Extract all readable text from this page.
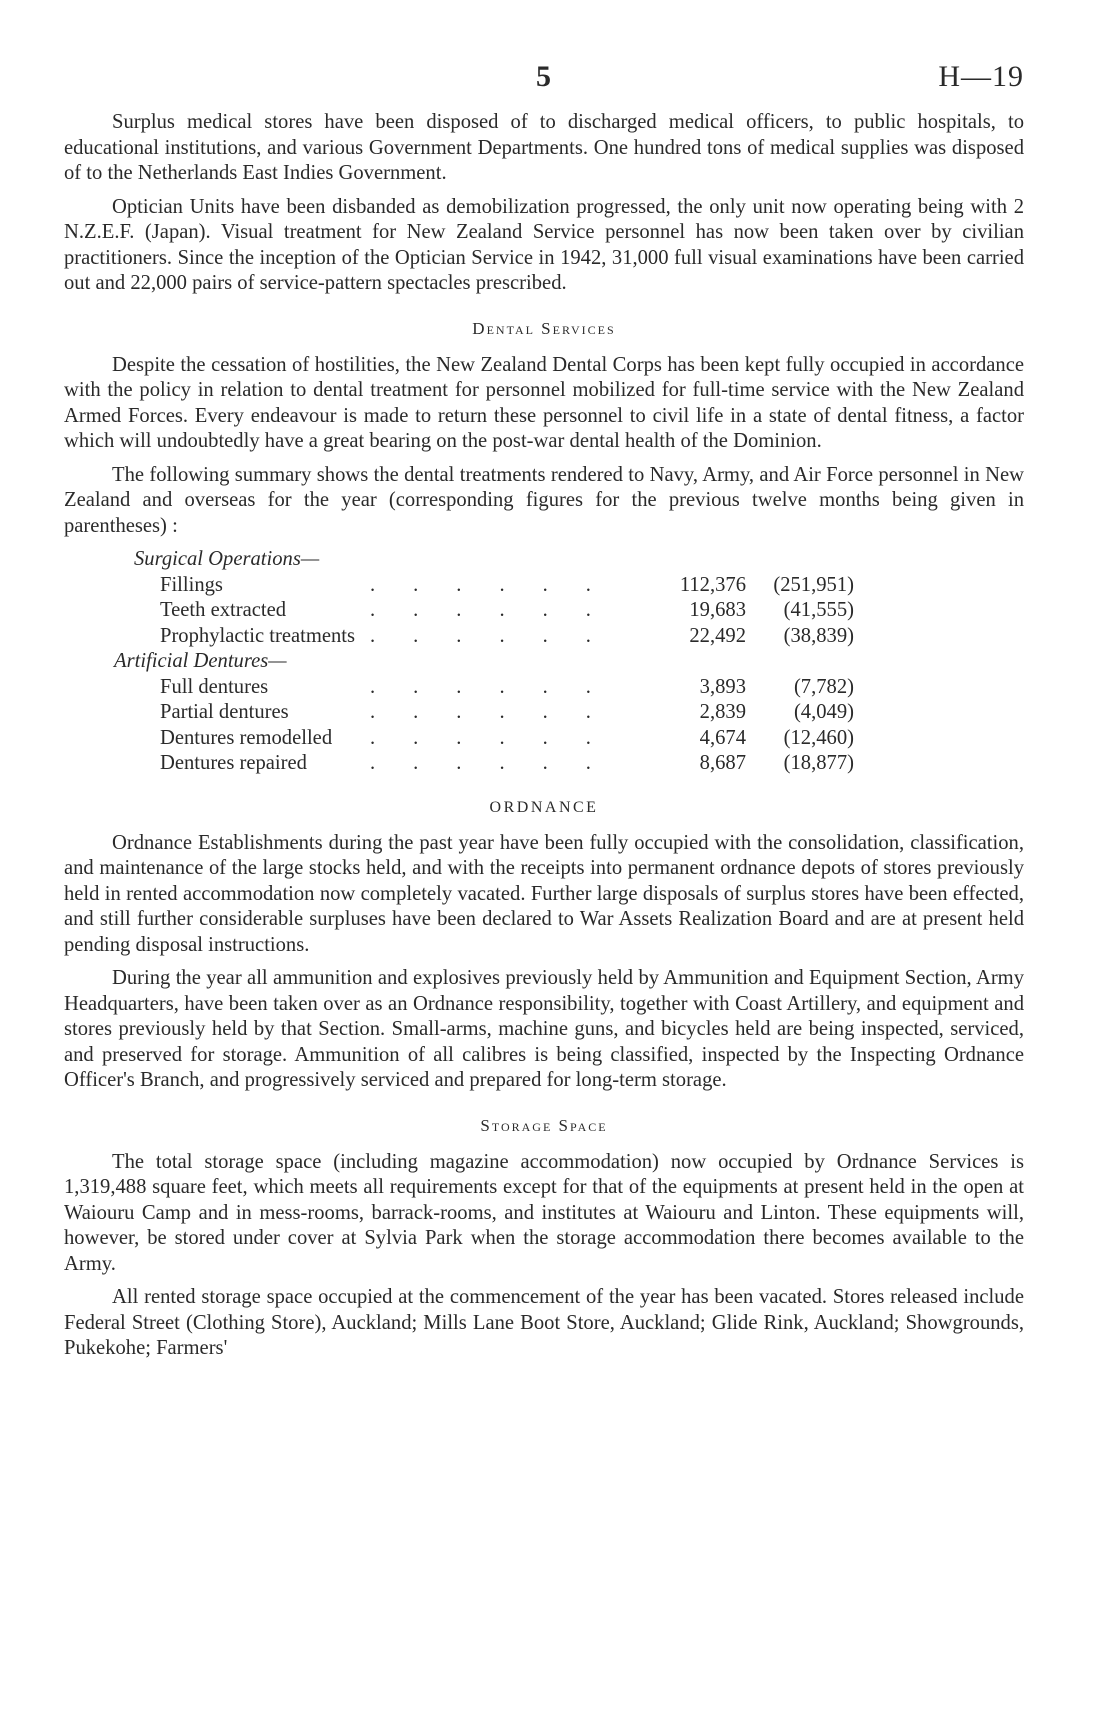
5	H—19

Surplus medical stores have been disposed of to discharged medical officers, to public hospitals, to educational institutions, and various Government Departments. One hundred tons of medical supplies was disposed of to the Netherlands East Indies Government.

Optician Units have been disbanded as demobilization progressed, the only unit now operating being with 2 N.Z.E.F. (Japan). Visual treatment for New Zealand Service personnel has now been taken over by civilian practitioners. Since the inception of the Optician Service in 1942, 31,000 full visual examinations have been carried out and 22,000 pairs of service-pattern spectacles prescribed.

Dental Services

Despite the cessation of hostilities, the New Zealand Dental Corps has been kept fully occupied in accordance with the policy in relation to dental treatment for personnel mobilized for full-time service with the New Zealand Armed Forces. Every endeavour is made to return these personnel to civil life in a state of dental fitness, a factor which will undoubtedly have a great bearing on the post-war dental health of the Dominion.

The following summary shows the dental treatments rendered to Navy, Army, and Air Force personnel in New Zealand and overseas for the year (corresponding figures for the previous twelve months being given in parentheses) :

Surgical Operations—
Fillings	......	112,376	(251,951)
Teeth extracted	......	19,683	(41,555)
Prophylactic treatments ......	22,492	(38,839)
Artificial Dentures—
Full dentures	......	3,893	(7,782)
Partial dentures	......	2,839	(4,049)
Dentures remodelled	......	4,674	(12,460)
Dentures repaired	......	8,687	(18,877)
ORDNANCE

Ordnance Establishments during the past year have been fully occupied with the consolidation, classification, and maintenance of the large stocks held, and with the receipts into permanent ordnance depots of stores previously held in rented accommodation now completely vacated. Further large disposals of surplus stores have been effected, and still further considerable surpluses have been declared to War Assets Realization Board and are at present held pending disposal instructions.

During the year all ammunition and explosives previously held by Ammunition and Equipment Section, Army Headquarters, have been taken over as an Ordnance responsibility, together with Coast Artillery, and equipment and stores previously held by that Section. Small-arms, machine guns, and bicycles held are being inspected, serviced, and preserved for storage. Ammunition of all calibres is being classified, inspected by the Inspecting Ordnance Officer's Branch, and progressively serviced and prepared for long-term storage.

Storage Space

The total storage space (including magazine accommodation) now occupied by Ordnance Services is 1,319,488 square feet, which meets all requirements except for that of the equipments at present held in the open at Waiouru Camp and in mess-rooms, barrack-rooms, and institutes at Waiouru and Linton. These equipments will, however, be stored under cover at Sylvia Park when the storage accommodation there becomes available to the Army.

All rented storage space occupied at the commencement of the year has been vacated. Stores released include Federal Street (Clothing Store), Auckland; Mills Lane Boot Store, Auckland; Glide Rink, Auckland; Showgrounds, Pukekohe; Farmers'
